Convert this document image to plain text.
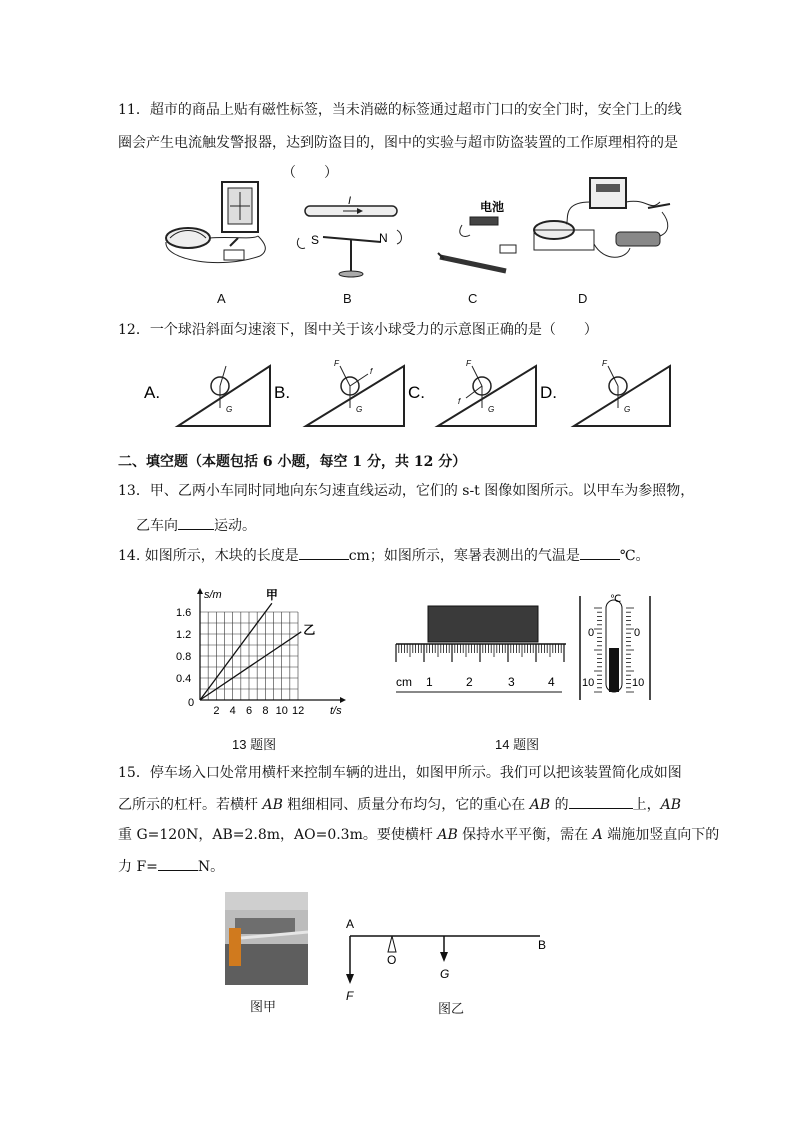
11．超市的商品上贴有磁性标签，当未消磁的标签通过超市门口的安全门时，安全门上的线
圈会产生电流触发警报器，达到防盗目的，图中的实验与超市防盗装置的工作原理相符的是
（　　）
A
I
S	N
B
电池
C	D
12．一个球沿斜面匀速滚下，图中关于该小球受力的示意图正确的是（　　）
A.
G
B.
F
f
G
C.
F
f
G
D.
F
G
二、填空题（本题包括 6 小题，每空 1 分，共 12 分）
13．甲、乙两小车同时同地向东匀速直线运动，它们的 s-t 图像如图所示。以甲车为参照物，
乙车向	运动。
14. 如图所示，木块的长度是	cm；如图所示，寒暑表测出的气温是	℃。
2 4 6 8 10 12
0.4
0.8
1.2
1.6
0
t/s
s/m	甲
乙
13 题图
cm 1	2	3	4
℃
0
10
0
10
14 题图
15．停车场入口处常用横杆来控制车辆的进出，如图甲所示。我们可以把该装置简化成如图
乙所示的杠杆。若横杆 AB 粗细相同、质量分布均匀，它的重心在 AB 的	上，AB
重 G=120N，AB=2.8m，AO=0.3m。要使横杆 AB 保持水平平衡，需在 A 端施加竖直向下的
力 F=	N。
图甲
A
B
O
F
G
图乙
